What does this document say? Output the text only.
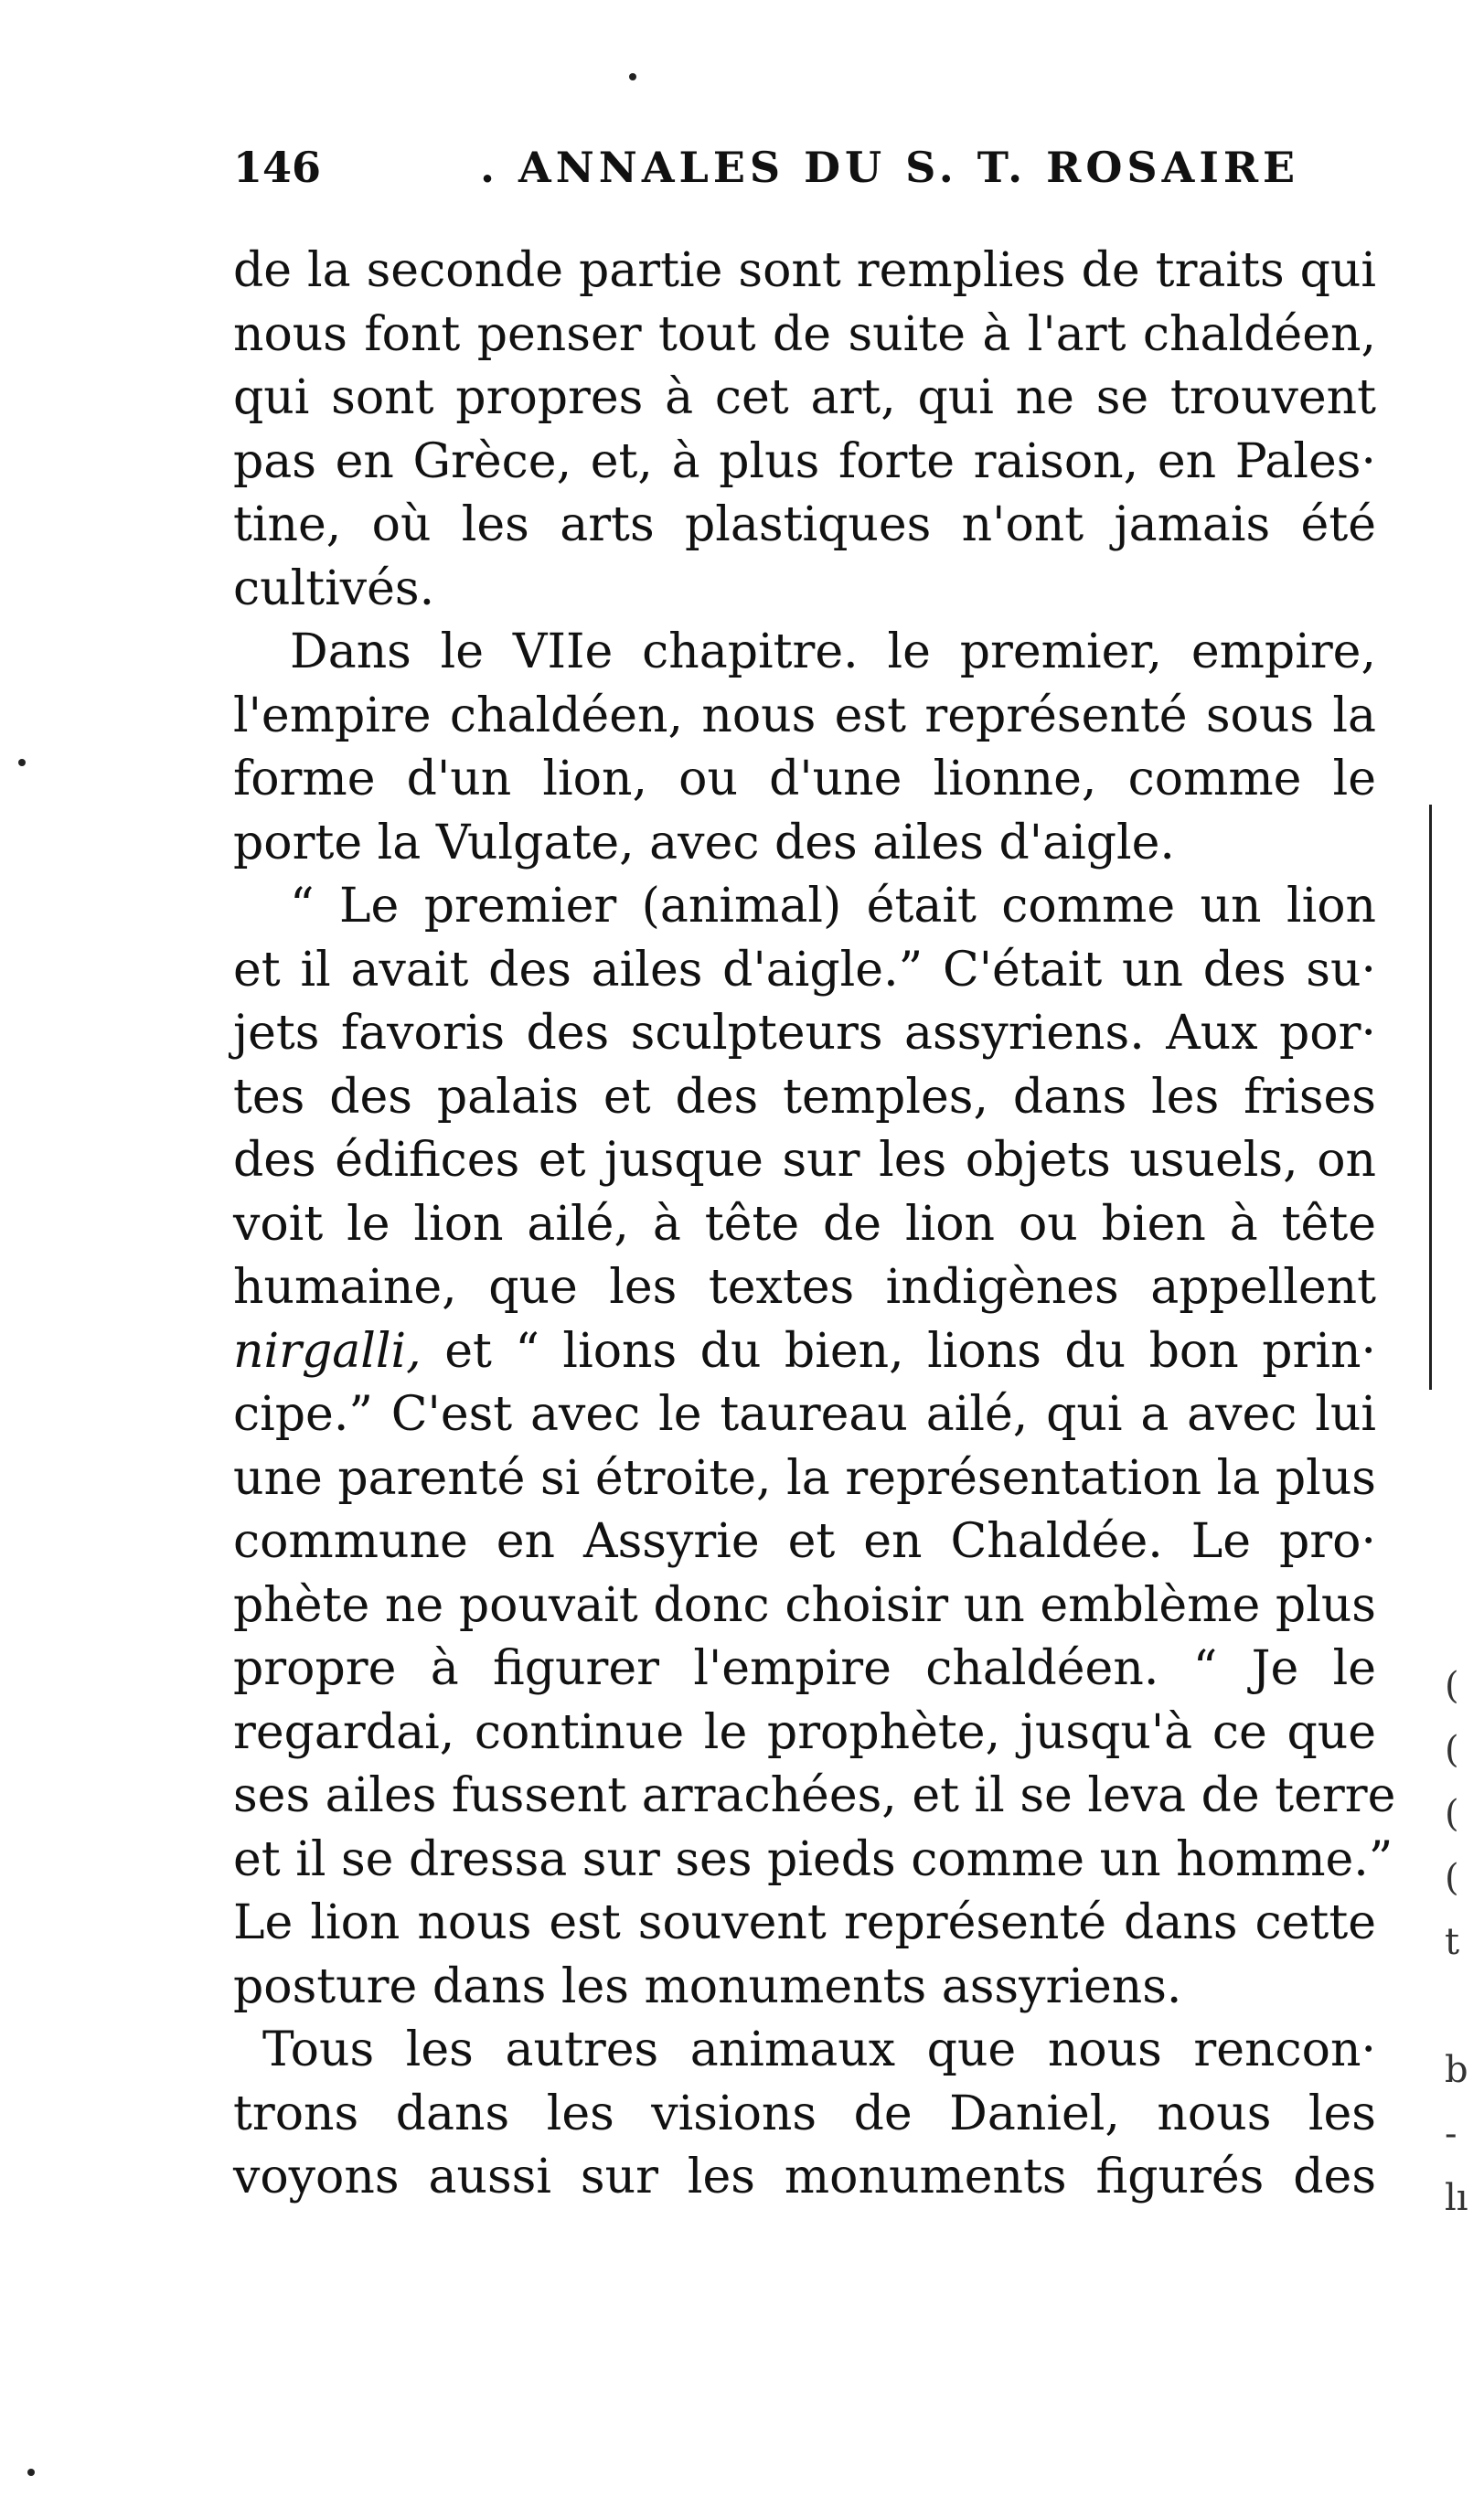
146	. ANNALES DU S. T. ROSAIRE
de la seconde partie sont remplies de traits qui
nous font penser tout de suite à l'art chaldéen,
qui sont propres à cet art, qui ne se trouvent
pas en Grèce, et, à plus forte raison, en Pales·
tine, où les arts plastiques n'ont jamais été
cultivés.
Dans le VIIe chapitre. le premier, empire,
l'empire chaldéen, nous est représenté sous la
forme d'un lion, ou d'une lionne, comme le
porte la Vulgate, avec des ailes d'aigle.
“ Le premier (animal) était comme un lion
et il avait des ailes d'aigle.” C'était un des su·
jets favoris des sculpteurs assyriens. Aux por·
tes des palais et des temples, dans les frises
des édifices et jusque sur les objets usuels, on
voit le lion ailé, à tête de lion ou bien à tête
humaine, que les textes indigènes appellent
nirgalli, et “ lions du bien, lions du bon prin·
cipe.” C'est avec le taureau ailé, qui a avec lui
une parenté si étroite, la représentation la plus
commune en Assyrie et en Chaldée. Le pro·
phète ne pouvait donc choisir un emblème plus
propre à figurer l'empire chaldéen. “ Je le
regardai, continue le prophète, jusqu'à ce que
ses ailes fussent arrachées, et il se leva de terre
et il se dressa sur ses pieds comme un homme.”
Le lion nous est souvent représenté dans cette
posture dans les monuments assyriens.
Tous les autres animaux que nous rencon·
trons dans les visions de Daniel, nous les
voyons aussi sur les monuments figurés des
(
(
(
(
t
b
-
lı
